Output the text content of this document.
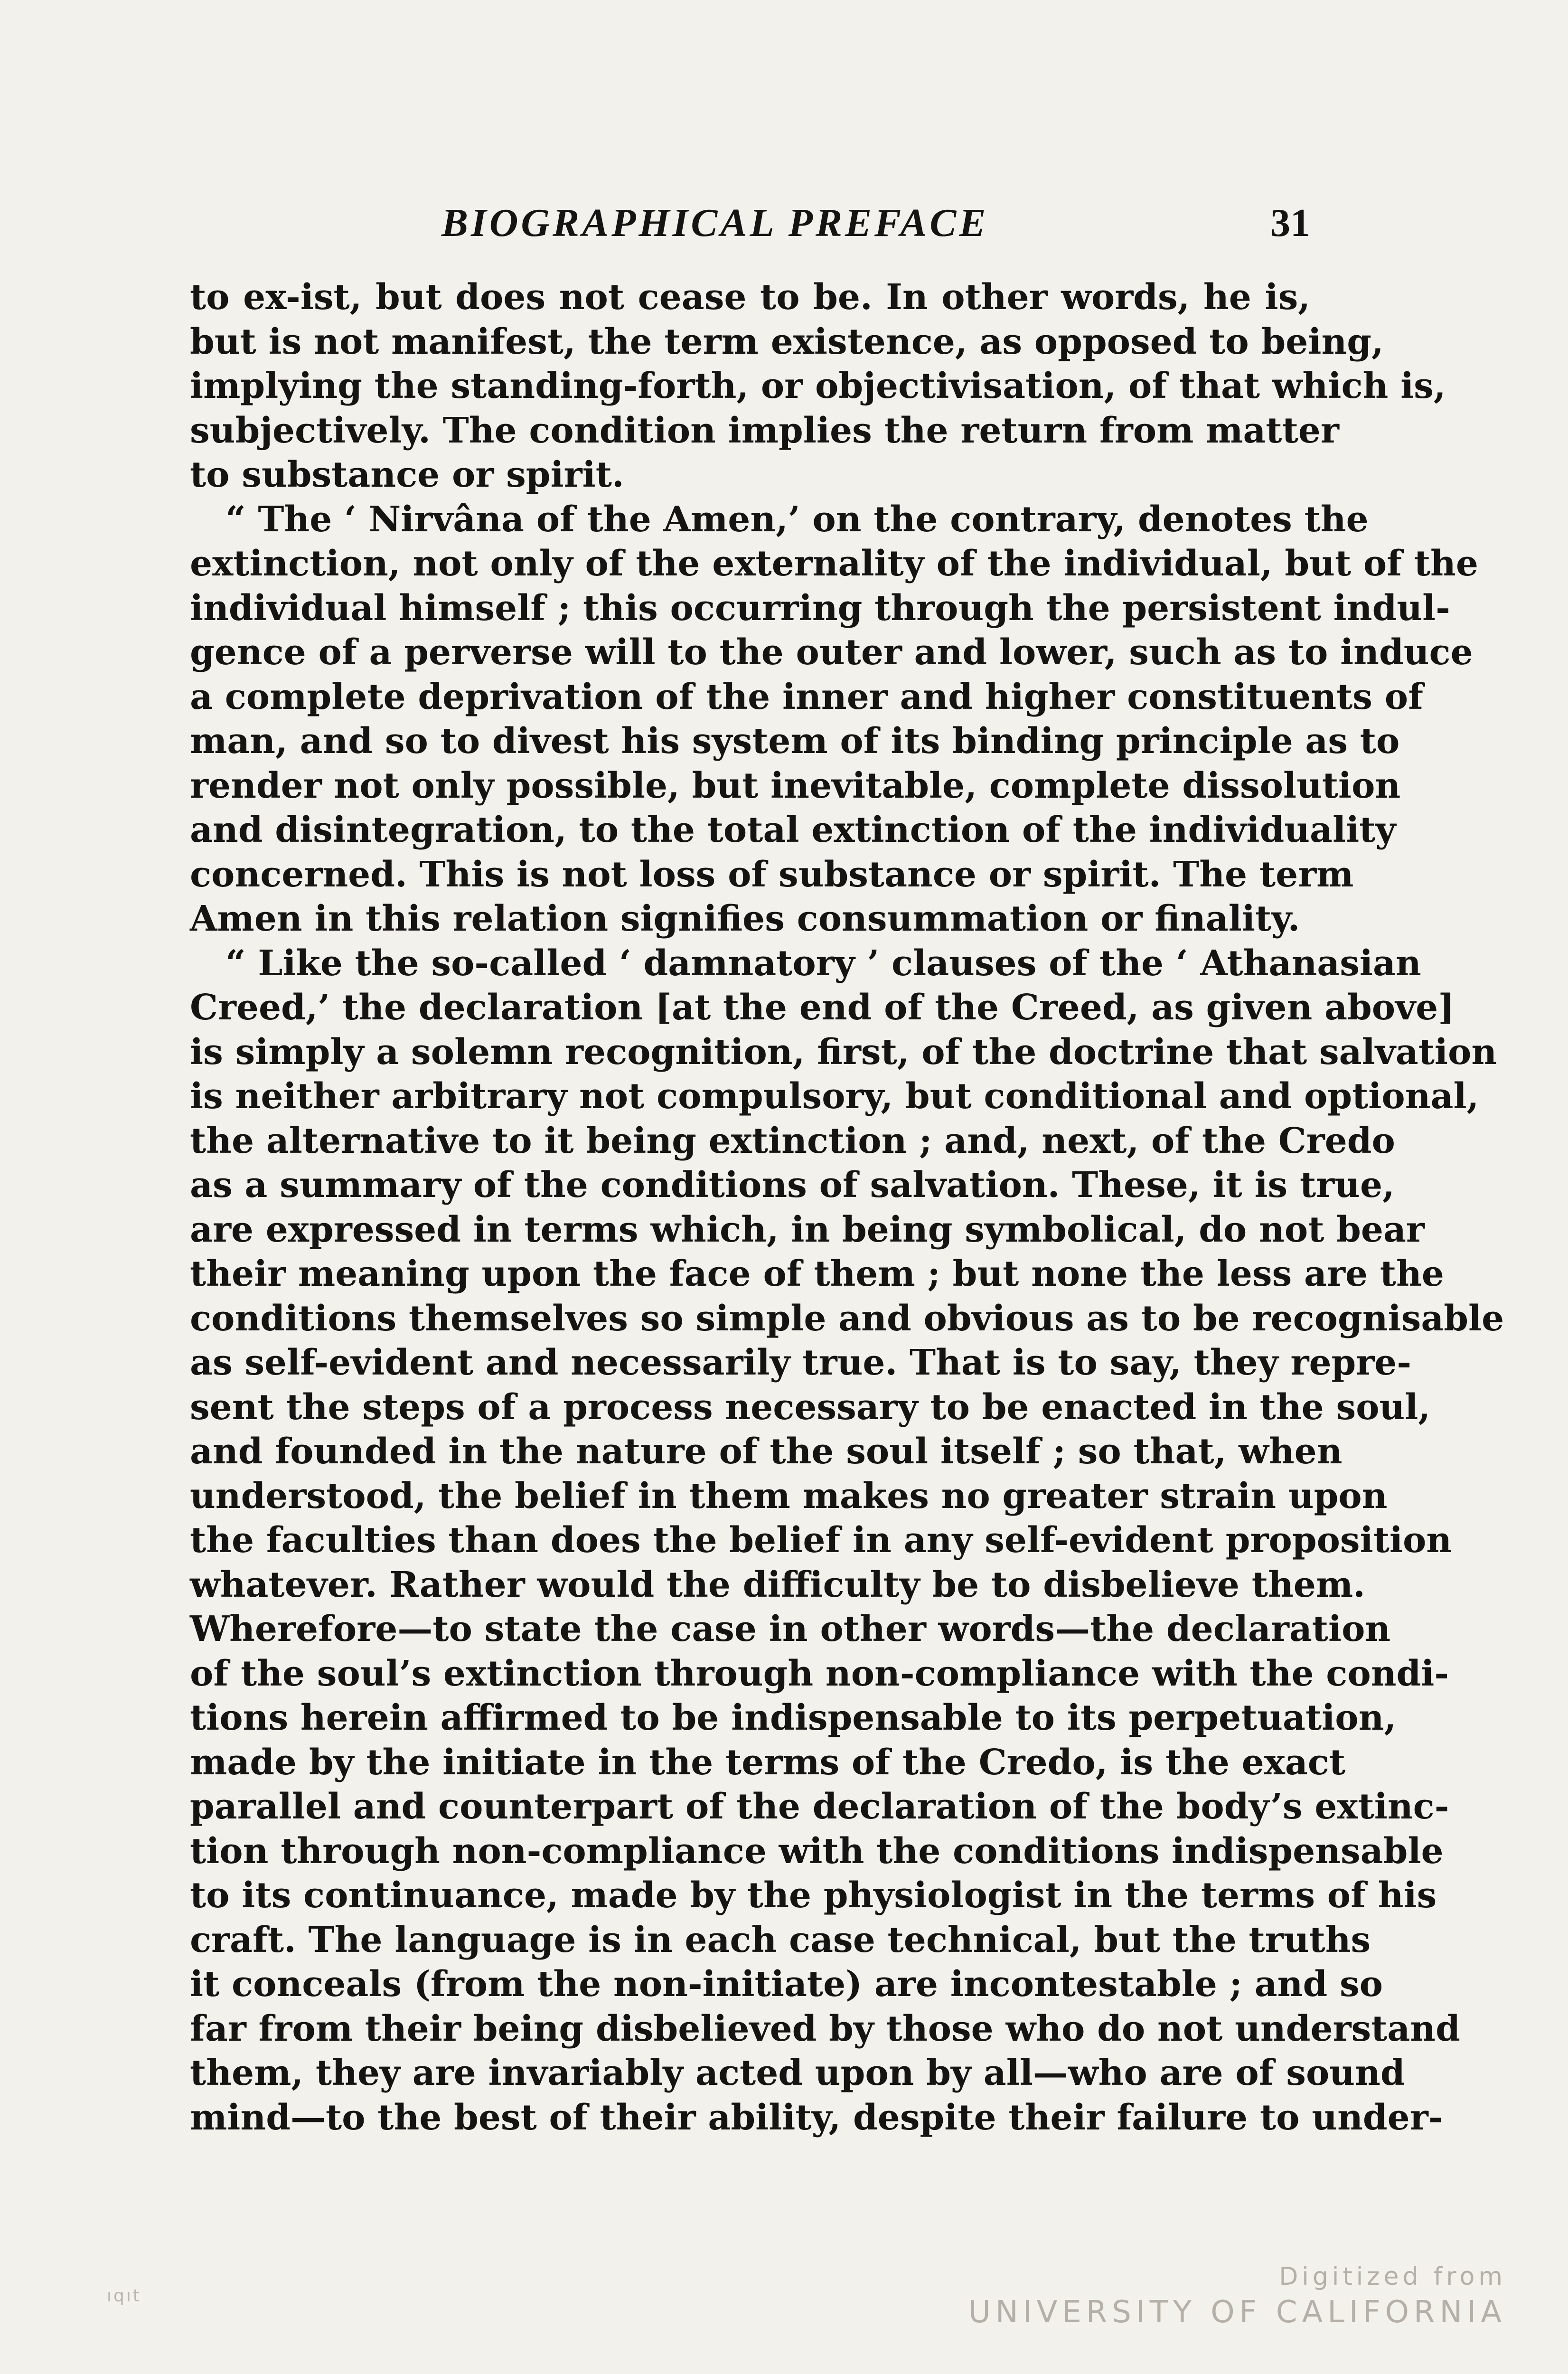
BIOGRAPHICAL PREFACE	31
to ex-ist, but does not cease to be. In other words, he is,
but is not manifest, the term existence, as opposed to being,
implying the standing-forth, or objectivisation, of that which is,
subjectively. The condition implies the return from matter
to substance or spirit.
“ The ‘ Nirvâna of the Amen,’ on the contrary, denotes the
extinction, not only of the externality of the individual, but of the
individual himself ; this occurring through the persistent indul-
gence of a perverse will to the outer and lower, such as to induce
a complete deprivation of the inner and higher constituents of
man, and so to divest his system of its binding principle as to
render not only possible, but inevitable, complete dissolution
and disintegration, to the total extinction of the individuality
concerned. This is not loss of substance or spirit. The term
Amen in this relation signifies consummation or finality.
“ Like the so-called ‘ damnatory ’ clauses of the ‘ Athanasian
Creed,’ the declaration [at the end of the Creed, as given above]
is simply a solemn recognition, first, of the doctrine that salvation
is neither arbitrary not compulsory, but conditional and optional,
the alternative to it being extinction ; and, next, of the Credo
as a summary of the conditions of salvation. These, it is true,
are expressed in terms which, in being symbolical, do not bear
their meaning upon the face of them ; but none the less are the
conditions themselves so simple and obvious as to be recognisable
as self-evident and necessarily true. That is to say, they repre-
sent the steps of a process necessary to be enacted in the soul,
and founded in the nature of the soul itself ; so that, when
understood, the belief in them makes no greater strain upon
the faculties than does the belief in any self-evident proposition
whatever. Rather would the difficulty be to disbelieve them.
Wherefore—to state the case in other words—the declaration
of the soul’s extinction through non-compliance with the condi-
tions herein affirmed to be indispensable to its perpetuation,
made by the initiate in the terms of the Credo, is the exact
parallel and counterpart of the declaration of the body’s extinc-
tion through non-compliance with the conditions indispensable
to its continuance, made by the physiologist in the terms of his
craft. The language is in each case technical, but the truths
it conceals (from the non-initiate) are incontestable ; and so
far from their being disbelieved by those who do not understand
them, they are invariably acted upon by all—who are of sound
mind—to the best of their ability, despite their failure to under-
ıqıt
Digitized from
UNIVERSITY OF CALIFORNIA
